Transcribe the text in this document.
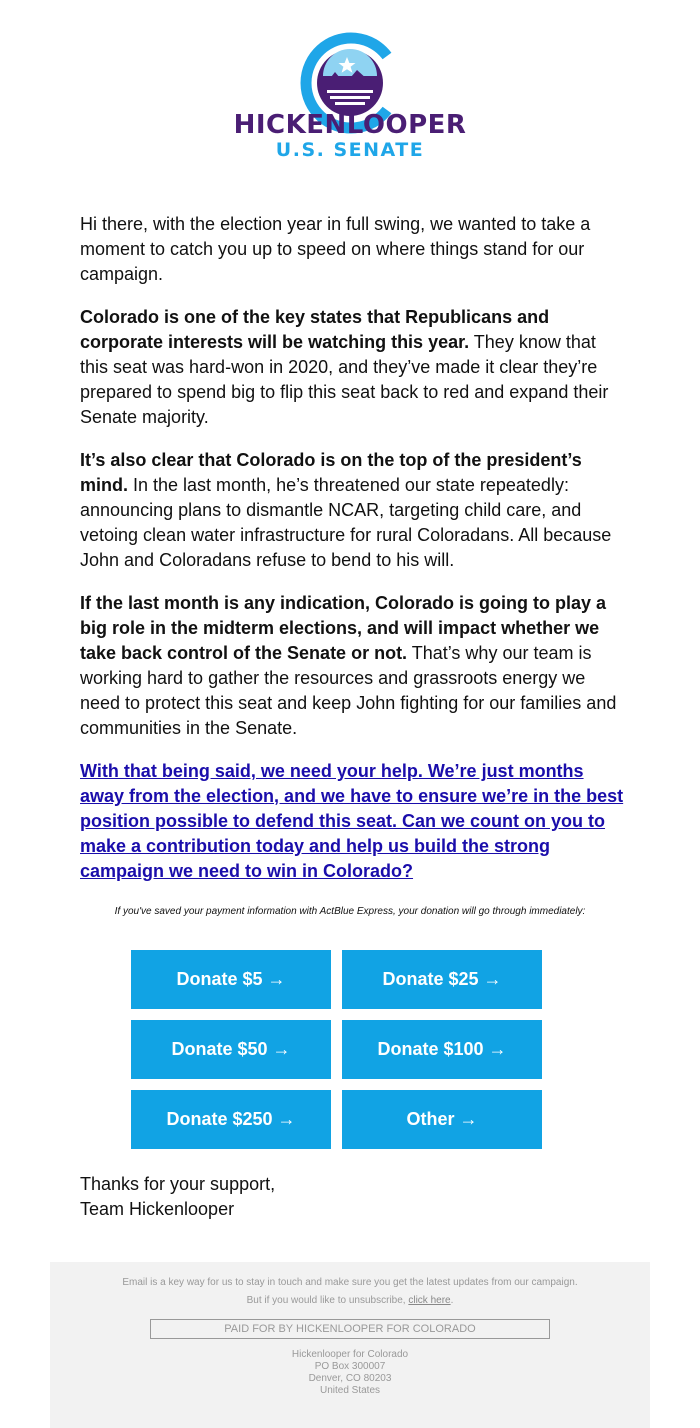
HICKENLOOPER
U.S. SENATE

Hi there, with the election year in full swing, we wanted to take a moment to catch you up to speed on where things stand for our campaign.

Colorado is one of the key states that Republicans and corporate interests will be watching this year. They know that this seat was hard-won in 2020, and they’ve made it clear they’re prepared to spend big to flip this seat back to red and expand their Senate majority.

It’s also clear that Colorado is on the top of the president’s mind. In the last month, he’s threatened our state repeatedly: announcing plans to dismantle NCAR, targeting child care, and vetoing clean water infrastructure for rural Coloradans. All because John and Coloradans refuse to bend to his will.

If the last month is any indication, Colorado is going to play a big role in the midterm elections, and will impact whether we take back control of the Senate or not. That’s why our team is working hard to gather the resources and grassroots energy we need to protect this seat and keep John fighting for our families and communities in the Senate.

With that being said, we need your help. We’re just months away from the election, and we have to ensure we’re in the best position possible to defend this seat. Can we count on you to make a contribution today and help us build the strong campaign we need to win in Colorado?

If you've saved your payment information with ActBlue Express, your donation will go through immediately:
Donate $5 →	Donate $25 →
Donate $50 →	Donate $100 →
Donate $250 →	Other →
Thanks for your support,
Team Hickenlooper
Email is a key way for us to stay in touch and make sure you get the latest updates from our campaign. But if you would like to unsubscribe, click here.
PAID FOR BY HICKENLOOPER FOR COLORADO
Hickenlooper for Colorado
PO Box 300007
Denver, CO 80203
United States
